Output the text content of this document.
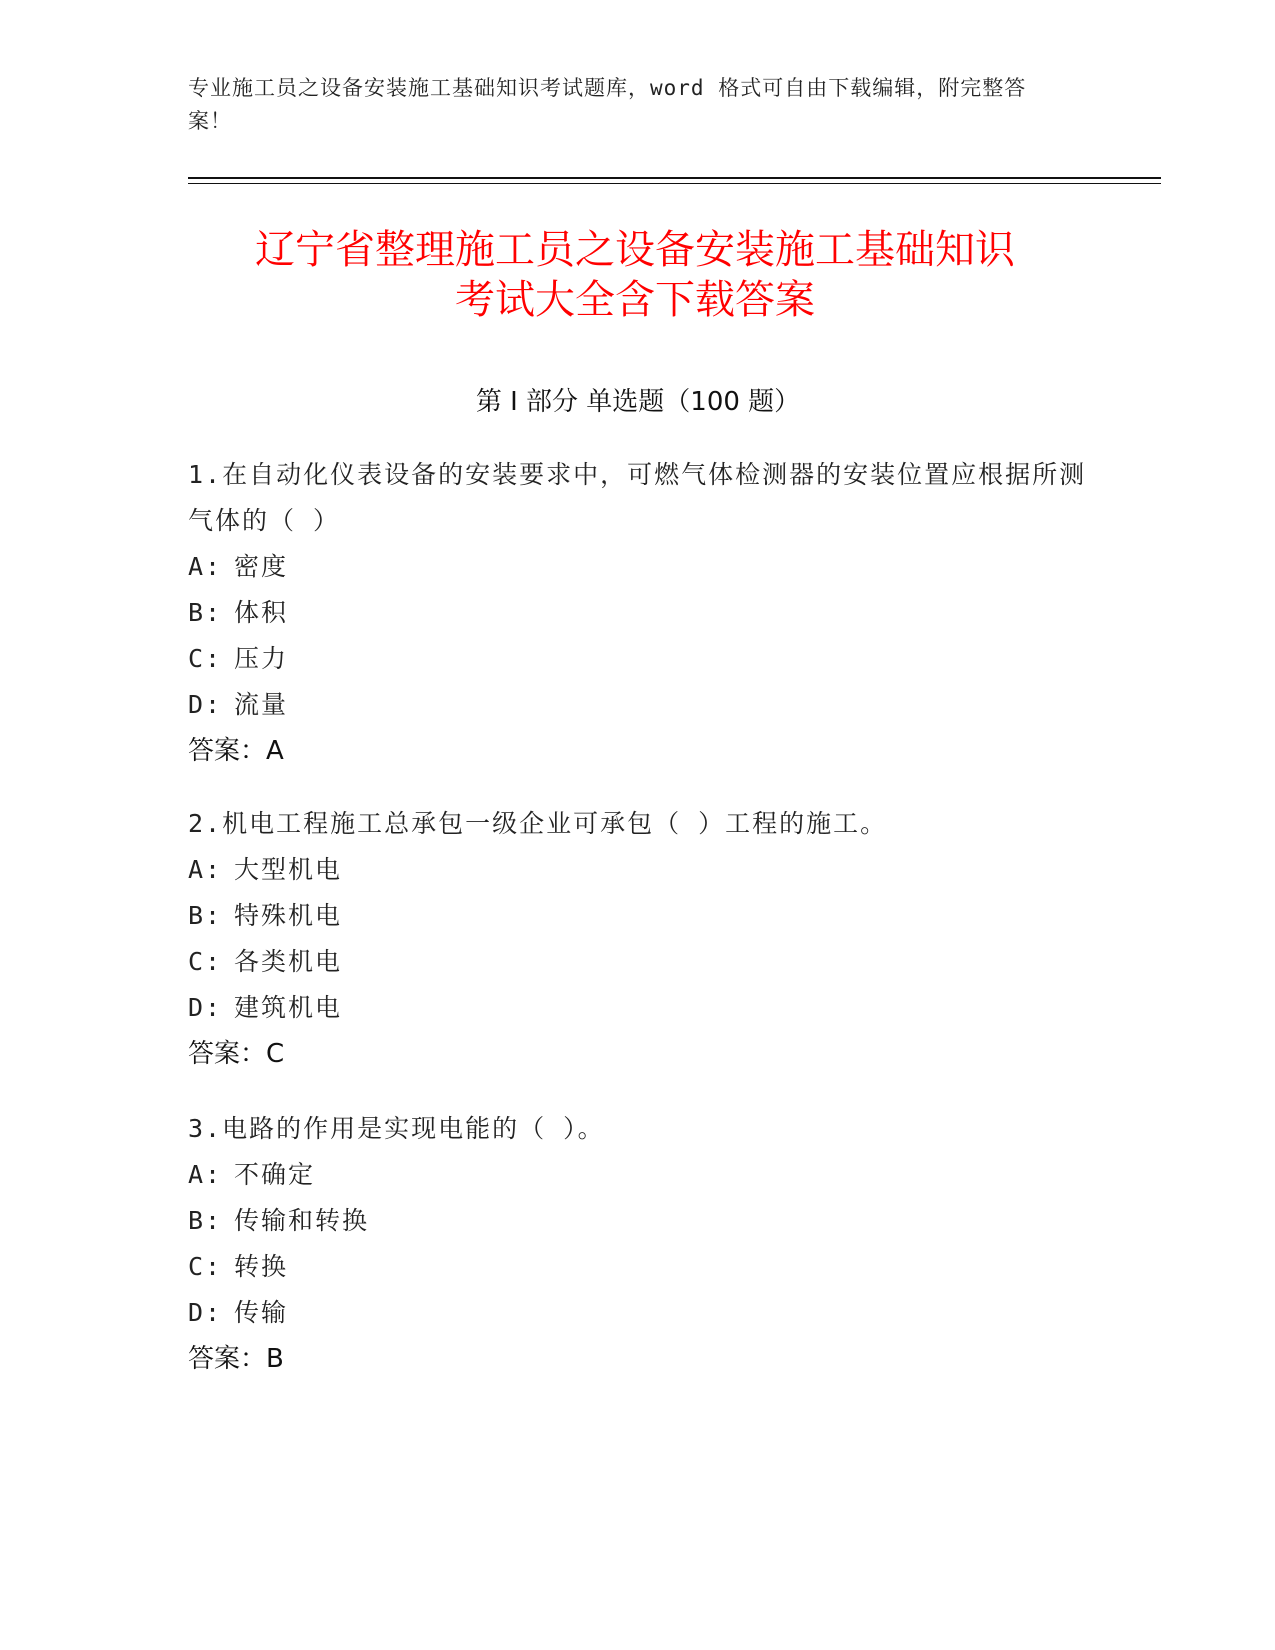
专业施工员之设备安装施工基础知识考试题库，word 格式可自由下载编辑，附完整答案！
辽宁省整理施工员之设备安装施工基础知识
考试大全含下载答案
第 I 部分 单选题（100 题）

1.在自动化仪表设备的安装要求中，可燃气体检测器的安装位置应根据所测气体的（ ）

A: 密度

B: 体积

C: 压力

D: 流量

答案：A

2.机电工程施工总承包一级企业可承包（ ）工程的施工。

A: 大型机电

B: 特殊机电

C: 各类机电

D: 建筑机电

答案：C

3.电路的作用是实现电能的（ ）。

A: 不确定

B: 传输和转换

C: 转换

D: 传输

答案：B
